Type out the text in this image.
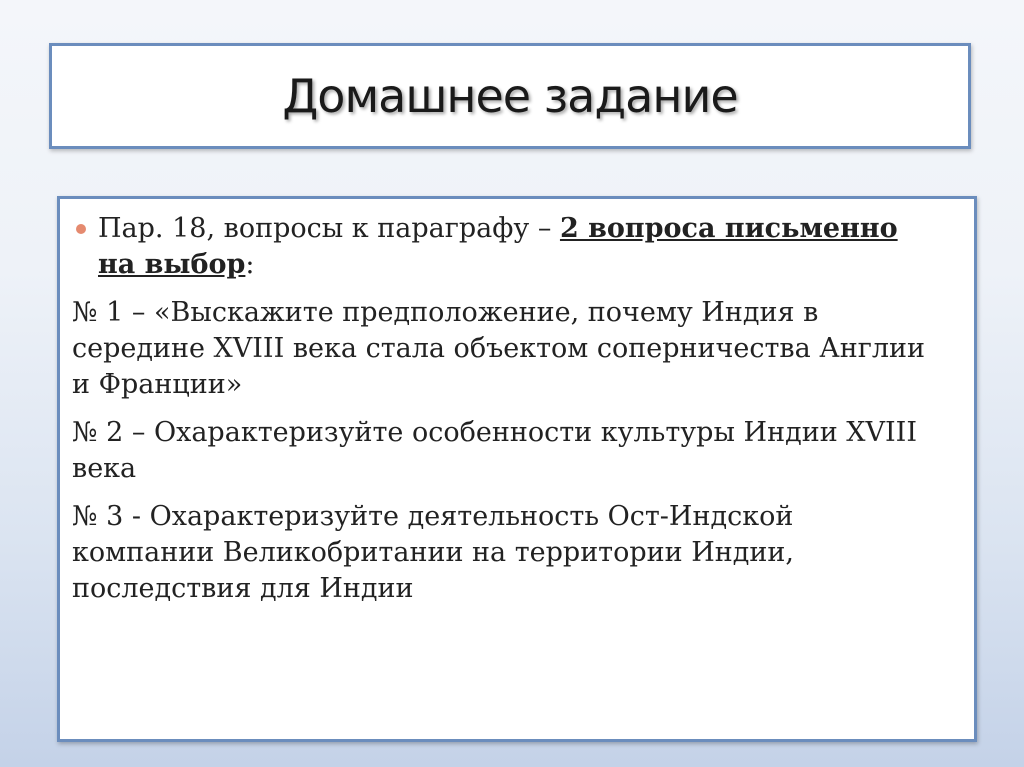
Домашнее задание
Пар. 18, вопросы к параграфу – 2 вопроса письменно на выбор:

№ 1 – «Выскажите предположение, почему Индия в середине XVIII века стала объектом соперничества Англии и Франции»

№ 2 – Охарактеризуйте особенности культуры Индии XVIII века

№ 3 - Охарактеризуйте деятельность Ост-Индской компании Великобритании на территории Индии, последствия для Индии
